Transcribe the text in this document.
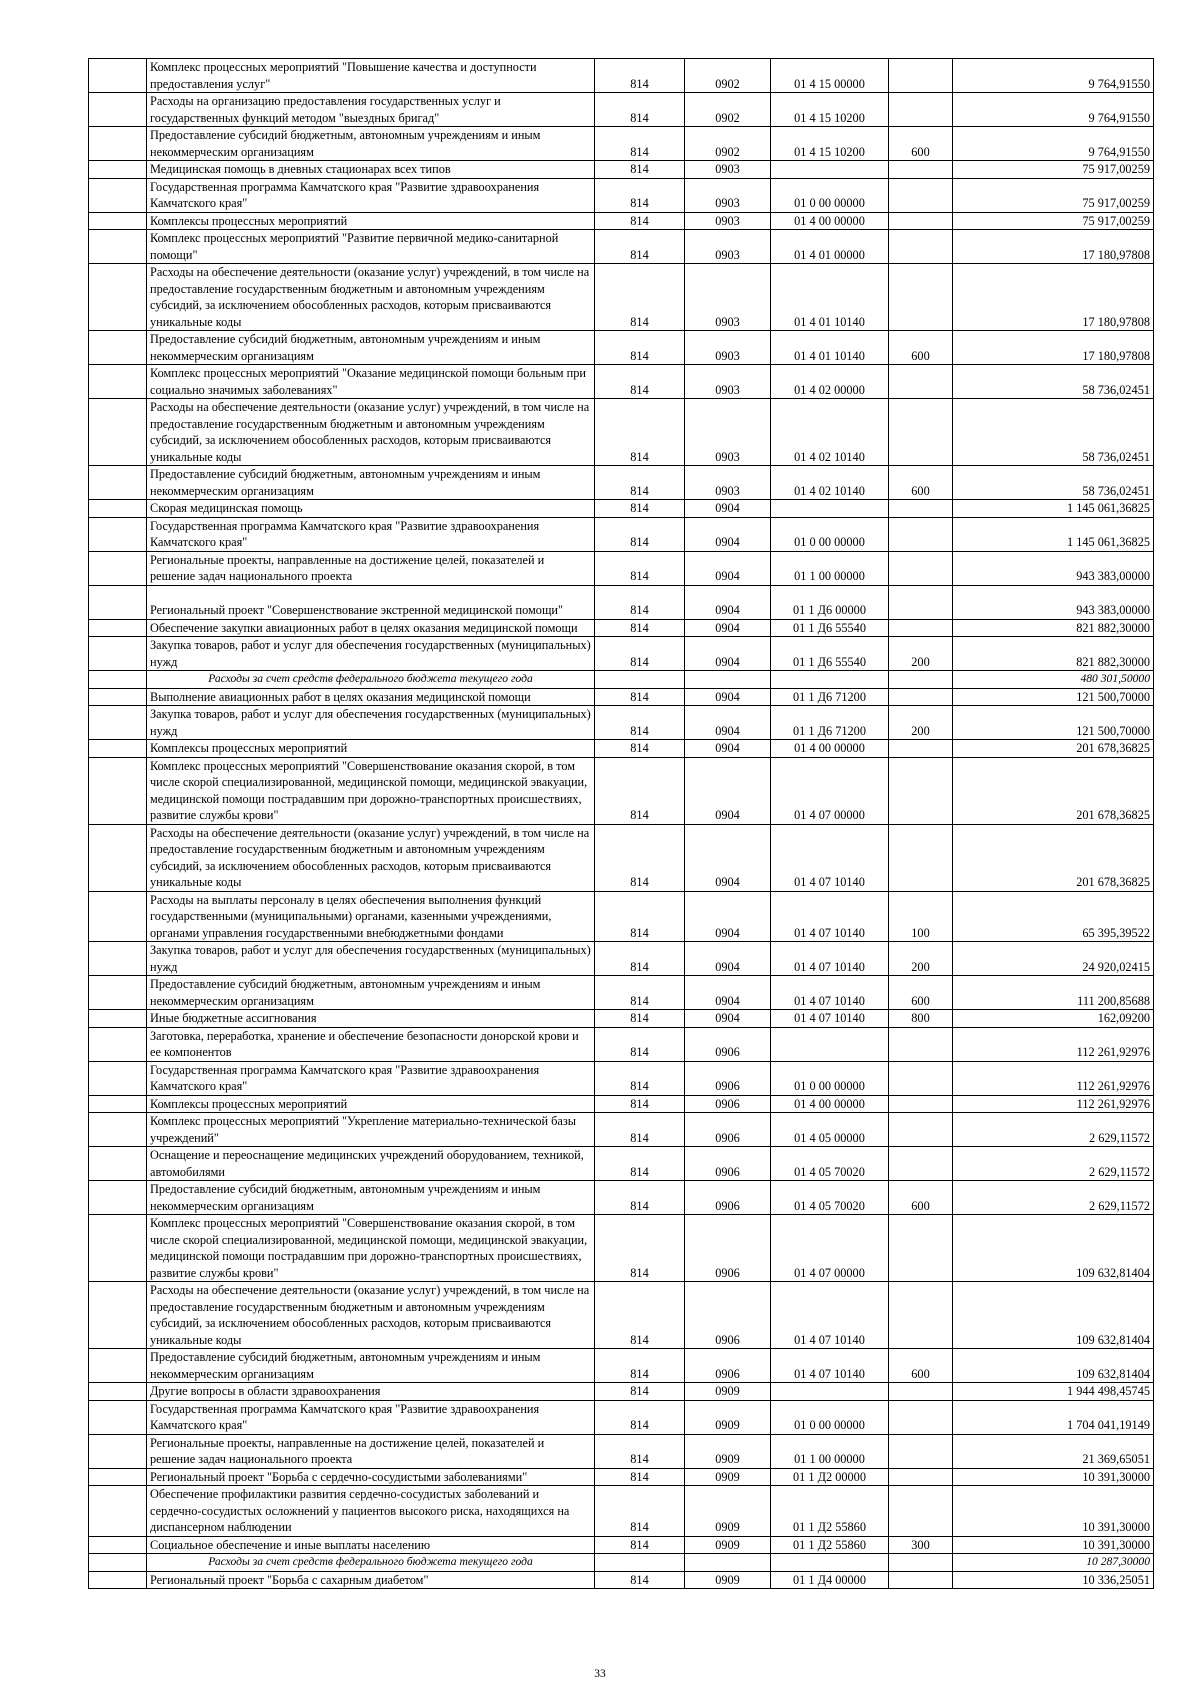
	Комплекс процессных мероприятий "Повышение качества и доступности предоставления услуг"	814	0902	01 4 15 00000		9 764,91550
	Расходы на организацию предоставления государственных услуг и государственных функций методом "выездных бригад"	814	0902	01 4 15 10200		9 764,91550
	Предоставление субсидий бюджетным, автономным учреждениям и иным некоммерческим организациям	814	0902	01 4 15 10200	600	9 764,91550
	Медицинская помощь в дневных стационарах всех типов	814	0903			75 917,00259
	Государственная программа Камчатского края "Развитие здравоохранения Камчатского края"	814	0903	01 0 00 00000		75 917,00259
	Комплексы процессных мероприятий	814	0903	01 4 00 00000		75 917,00259
	Комплекс процессных мероприятий "Развитие первичной медико-санитарной помощи"	814	0903	01 4 01 00000		17 180,97808
	Расходы на обеспечение деятельности (оказание услуг) учреждений, в том числе на предоставление государственным бюджетным и автономным учреждениям субсидий, за исключением обособленных расходов, которым присваиваются уникальные коды	814	0903	01 4 01 10140		17 180,97808
	Предоставление субсидий бюджетным, автономным учреждениям и иным некоммерческим организациям	814	0903	01 4 01 10140	600	17 180,97808
	Комплекс процессных мероприятий "Оказание медицинской помощи больным при социально значимых заболеваниях"	814	0903	01 4 02 00000		58 736,02451
	Расходы на обеспечение деятельности (оказание услуг) учреждений, в том числе на предоставление государственным бюджетным и автономным учреждениям субсидий, за исключением обособленных расходов, которым присваиваются уникальные коды	814	0903	01 4 02 10140		58 736,02451
	Предоставление субсидий бюджетным, автономным учреждениям и иным некоммерческим организациям	814	0903	01 4 02 10140	600	58 736,02451
	Скорая медицинская помощь	814	0904			1 145 061,36825
	Государственная программа Камчатского края "Развитие здравоохранения Камчатского края"	814	0904	01 0 00 00000		1 145 061,36825
	Региональные проекты, направленные на достижение целей, показателей и решение задач национального проекта	814	0904	01 1 00 00000		943 383,00000
	Региональный проект "Совершенствование экстренной медицинской помощи"	814	0904	01 1 Д6 00000		943 383,00000
	Обеспечение закупки авиационных работ в целях оказания медицинской помощи	814	0904	01 1 Д6 55540		821 882,30000
	Закупка товаров, работ и услуг для обеспечения государственных (муниципальных) нужд	814	0904	01 1 Д6 55540	200	821 882,30000
	Расходы за счет средств федерального бюджета текущего года					480 301,50000
	Выполнение авиационных работ в целях оказания медицинской помощи	814	0904	01 1 Д6 71200		121 500,70000
	Закупка товаров, работ и услуг для обеспечения государственных (муниципальных) нужд	814	0904	01 1 Д6 71200	200	121 500,70000
	Комплексы процессных мероприятий	814	0904	01 4 00 00000		201 678,36825
	Комплекс процессных мероприятий "Совершенствование оказания скорой, в том числе скорой специализированной, медицинской помощи, медицинской эвакуации, медицинской помощи пострадавшим при дорожно-транспортных происшествиях, развитие службы крови"	814	0904	01 4 07 00000		201 678,36825
	Расходы на обеспечение деятельности (оказание услуг) учреждений, в том числе на предоставление государственным бюджетным и автономным учреждениям субсидий, за исключением обособленных расходов, которым присваиваются уникальные коды	814	0904	01 4 07 10140		201 678,36825
	Расходы на выплаты персоналу в целях обеспечения выполнения функций государственными (муниципальными) органами, казенными учреждениями, органами управления государственными внебюджетными фондами	814	0904	01 4 07 10140	100	65 395,39522
	Закупка товаров, работ и услуг для обеспечения государственных (муниципальных) нужд	814	0904	01 4 07 10140	200	24 920,02415
	Предоставление субсидий бюджетным, автономным учреждениям и иным некоммерческим организациям	814	0904	01 4 07 10140	600	111 200,85688
	Иные бюджетные ассигнования	814	0904	01 4 07 10140	800	162,09200
	Заготовка, переработка, хранение и обеспечение безопасности донорской крови и ее компонентов	814	0906			112 261,92976
	Государственная программа Камчатского края "Развитие здравоохранения Камчатского края"	814	0906	01 0 00 00000		112 261,92976
	Комплексы процессных мероприятий	814	0906	01 4 00 00000		112 261,92976
	Комплекс процессных мероприятий "Укрепление материально-технической базы учреждений"	814	0906	01 4 05 00000		2 629,11572
	Оснащение и переоснащение медицинских учреждений оборудованием, техникой, автомобилями	814	0906	01 4 05 70020		2 629,11572
	Предоставление субсидий бюджетным, автономным учреждениям и иным некоммерческим организациям	814	0906	01 4 05 70020	600	2 629,11572
	Комплекс процессных мероприятий "Совершенствование оказания скорой, в том числе скорой специализированной, медицинской помощи, медицинской эвакуации, медицинской помощи пострадавшим при дорожно-транспортных происшествиях, развитие службы крови"	814	0906	01 4 07 00000		109 632,81404
	Расходы на обеспечение деятельности (оказание услуг) учреждений, в том числе на предоставление государственным бюджетным и автономным учреждениям субсидий, за исключением обособленных расходов, которым присваиваются уникальные коды	814	0906	01 4 07 10140		109 632,81404
	Предоставление субсидий бюджетным, автономным учреждениям и иным некоммерческим организациям	814	0906	01 4 07 10140	600	109 632,81404
	Другие вопросы в области здравоохранения	814	0909			1 944 498,45745
	Государственная программа Камчатского края "Развитие здравоохранения Камчатского края"	814	0909	01 0 00 00000		1 704 041,19149
	Региональные проекты, направленные на достижение целей, показателей и решение задач национального проекта	814	0909	01 1 00 00000		21 369,65051
	Региональный проект "Борьба с сердечно-сосудистыми заболеваниями"	814	0909	01 1 Д2 00000		10 391,30000
	Обеспечение профилактики развития сердечно-сосудистых заболеваний и сердечно-сосудистых осложнений у пациентов высокого риска, находящихся на диспансерном наблюдении	814	0909	01 1 Д2 55860		10 391,30000
	Социальное обеспечение и иные выплаты населению	814	0909	01 1 Д2 55860	300	10 391,30000
	Расходы за счет средств федерального бюджета текущего года					10 287,30000
	Региональный проект "Борьба с сахарным диабетом"	814	0909	01 1 Д4 00000		10 336,25051
33
